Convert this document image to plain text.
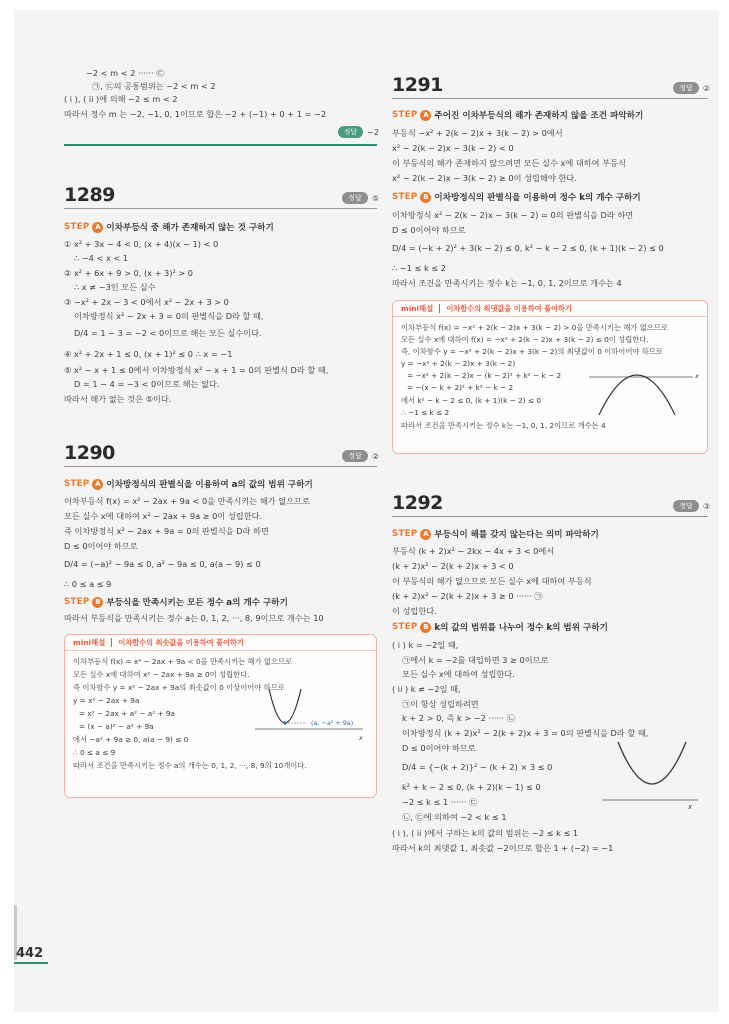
−2 < m < 2 ······ ㉢
㉠, ㉢의 공통범위는 −2 < m < 2
( i ), ( ii )에 의해 −2 ≤ m < 2
따라서 정수 m 는 −2, −1, 0, 1이므로 합은 −2 + (−1) + 0 + 1 = −2
정답	−2
1289	정답	⑤
STEP A 이차부등식 중 해가 존재하지 않는 것 구하기
① x² + 3x − 4 < 0, (x + 4)(x − 1) < 0
∴ −4 < x < 1
② x² + 6x + 9 > 0, (x + 3)² > 0
∴ x ≠ −3인 모든 실수
③ −x² + 2x − 3 < 0에서 x² − 2x + 3 > 0
이차방정식 x² − 2x + 3 = 0의 판별식을 D라 할 때,
D/4 = 1 − 3 = −2 < 0이므로 해는 모든 실수이다.
④ x² + 2x + 1 ≤ 0, (x + 1)² ≤ 0 ∴ x = −1
⑤ x² − x + 1 ≤ 0에서 이차방정식 x² − x + 1 = 0의 판별식 D라 할 때,
D = 1 − 4 = −3 < 0이므로 해는 없다.
따라서 해가 없는 것은 ⑤이다.
1290	정답	②
STEP A 이차방정식의 판별식을 이용하여 a의 값의 범위 구하기
이차부등식 f(x) = x² − 2ax + 9a < 0을 만족시키는 해가 없으므로
모든 실수 x에 대하여 x² − 2ax + 9a ≥ 0이 성립한다.
즉 이차방정식 x² − 2ax + 9a = 0의 판별식을 D라 하면
D ≤ 0이어야 하므로
D/4 = (−a)² − 9a ≤ 0, a² − 9a ≤ 0, a(a − 9) ≤ 0
∴ 0 ≤ a ≤ 9
STEP B 부등식을 만족시키는 모든 정수 a의 개수 구하기
따라서 부등식을 만족시키는 정수 a는 0, 1, 2, ···, 8, 9이므로 개수는 10
mini해설 이차함수의 최솟값을 이용하여 풀이하기
이차부등식 f(x) = x² − 2ax + 9a < 0을 만족시키는 해가 없으므로
모든 실수 x에 대하여 x² − 2ax + 9a ≥ 0이 성립한다.
즉 이차함수 y = x² − 2ax + 9a의 최솟값이 0 이상이어야 하므로
y = x² − 2ax + 9a
= x² − 2ax + a² − a² + 9a
= (x − a)² − a² + 9a
에서 −a² + 9a ≥ 0, a(a − 9) ≤ 0
∴ 0 ≤ a ≤ 9
따라서 조건을 만족시키는 정수 a의 개수는 0, 1, 2, ···, 8, 9의 10개이다.
(a, −a² + 9a)
x
1291	정답	②
STEP A 주어진 이차부등식의 해가 존재하지 않을 조건 파악하기
부등식 −x² + 2(k − 2)x + 3(k − 2) > 0에서
x² − 2(k − 2)x − 3(k − 2) < 0
이 부등식의 해가 존재하지 않으려면 모든 실수 x에 대하여 부등식
x² − 2(k − 2)x − 3(k − 2) ≥ 0이 성립해야 한다.
STEP B 이차방정식의 판별식을 이용하여 정수 k의 개수 구하기
이차방정식 x² − 2(k − 2)x − 3(k − 2) = 0의 판별식을 D라 하면
D ≤ 0이어야 하므로
D/4 = (−k + 2)² + 3(k − 2) ≤ 0, k² − k − 2 ≤ 0, (k + 1)(k − 2) ≤ 0
∴ −1 ≤ k ≤ 2
따라서 조건을 만족시키는 정수 k는 −1, 0, 1, 2이므로 개수는 4
mini해설 이차함수의 최댓값을 이용하여 풀이하기
이차부등식 f(x) = −x² + 2(k − 2)x + 3(k − 2) > 0을 만족시키는 해가 없으므로
모든 실수 x에 대하여 f(x) = −x² + 2(k − 2)x + 3(k − 2) ≤ 0이 성립한다.
즉, 이차함수 y = −x² + 2(k − 2)x + 3(k − 2)의 최댓값이 0 이하이어야 하므로
y = −x² + 2(k − 2)x + 3(k − 2)
= −x² + 2(k − 2)x − (k − 2)² + k² − k − 2
= −(x − k + 2)² + k² − k − 2
에서 k² − k − 2 ≤ 0, (k + 1)(k − 2) ≤ 0
∴ −1 ≤ k ≤ 2
따라서 조건을 만족시키는 정수 k는 −1, 0, 1, 2이므로 개수는 4
x
1292	정답	③
STEP A 부등식이 해를 갖지 않는다는 의미 파악하기
부등식 (k + 2)x² − 2kx − 4x + 3 < 0에서
(k + 2)x² − 2(k + 2)x + 3 < 0
이 부등식의 해가 없으므로 모든 실수 x에 대하여 부등식
(k + 2)x² − 2(k + 2)x + 3 ≥ 0 ······ ㉠
이 성립한다.
STEP B k의 값의 범위를 나누어 정수 k의 범위 구하기
( i ) k = −2일 때,
㉠에서 k = −2를 대입하면 3 ≥ 0이므로
모든 실수 x에 대하여 성립한다.
( ii ) k ≠ −2일 때,
㉠이 항상 성립하려면
k + 2 > 0, 즉 k > −2 ······ ㉡
이차방정식 (k + 2)x² − 2(k + 2)x + 3 = 0의 판별식을 D라 할 때,
D ≤ 0이어야 하므로
D/4 = {−(k + 2)}² − (k + 2) × 3 ≤ 0
k² + k − 2 ≤ 0, (k + 2)(k − 1) ≤ 0
−2 ≤ k ≤ 1 ······ ㉢
㉡, ㉢에 의하여 −2 < k ≤ 1
( i ), ( ii )에서 구하는 k의 값의 범위는 −2 ≤ k ≤ 1
따라서 k의 최댓값 1, 최솟값 −2이므로 합은 1 + (−2) = −1
x
442
